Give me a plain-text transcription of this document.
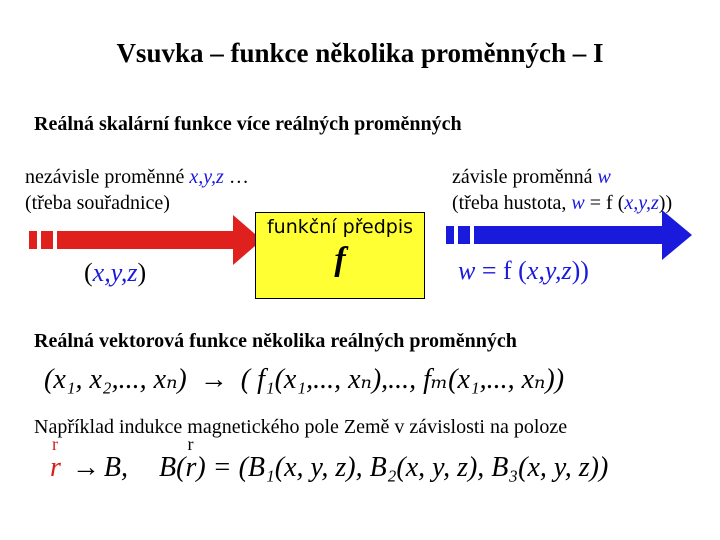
Vsuvka – funkce několika proměnných – I
Reálná skalární funkce více reálných proměnných
nezávisle proměnné x,y,z …
(třeba souřadnice)
závisle proměnná w
(třeba hustota, w = f (x,y,z))
funkční předpis
f
(x,y,z)	w = f (x,y,z))
Reálná vektorová funkce několika reálných proměnných
(x₁, x₂,..., xₙ) → ( f₁(x₁,..., xₙ),..., fₘ(x₁,..., xₙ))
Například indukce magnetického pole Země v závislosti na poloze
r
r → B, B(
r
r) = (B₁(x, y, z), B₂(x, y, z), B₃(x, y, z))
